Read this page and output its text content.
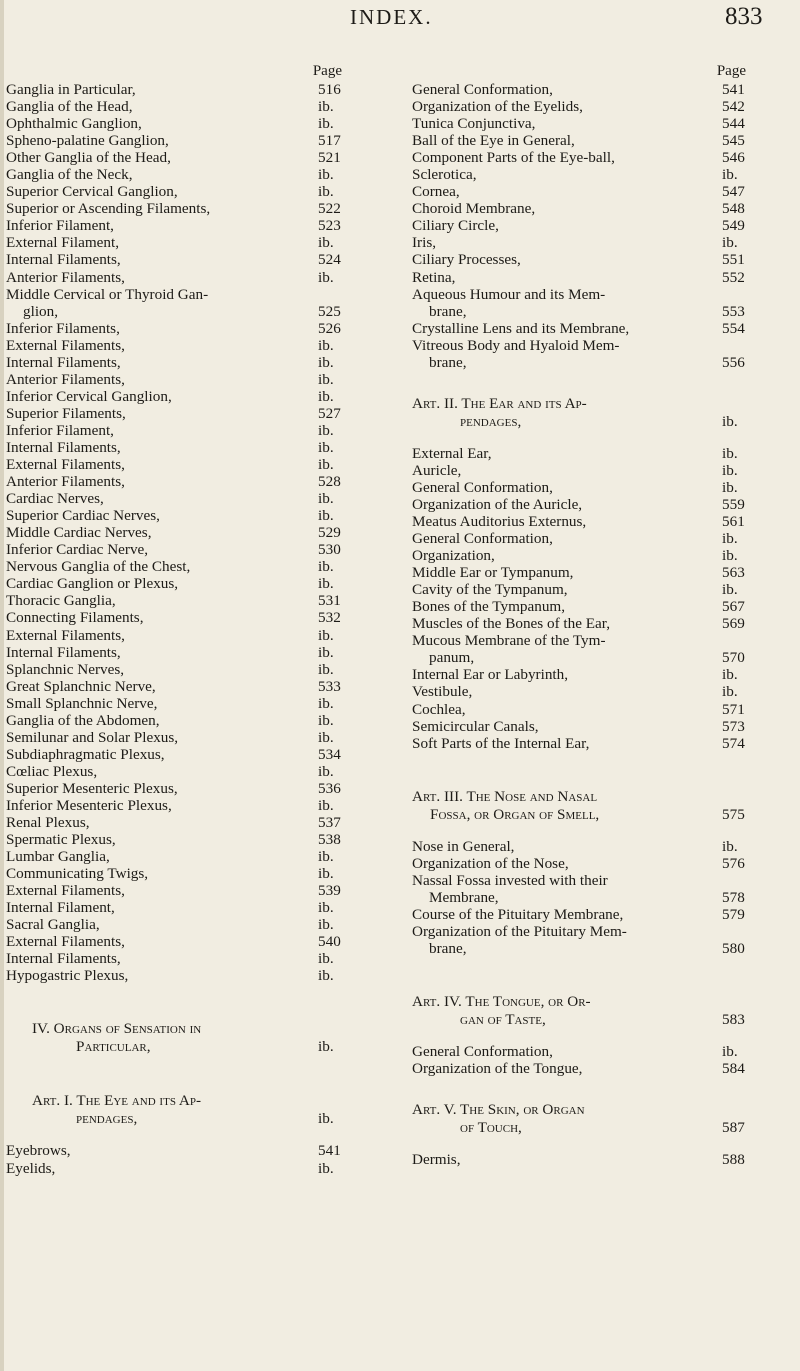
INDEX.	833
Page
Ganglia in Particular,	516
Ganglia of the Head,	ib.
Ophthalmic Ganglion,	ib.
Spheno-palatine Ganglion,	517
Other Ganglia of the Head,	521
Ganglia of the Neck,	ib.
Superior Cervical Ganglion,	ib.
Superior or Ascending Filaments,	522
Inferior Filament,	523
External Filament,	ib.
Internal Filaments,	524
Anterior Filaments,	ib.
Middle Cervical or Thyroid Gan-
glion,	525
Inferior Filaments,	526
External Filaments,	ib.
Internal Filaments,	ib.
Anterior Filaments,	ib.
Inferior Cervical Ganglion,	ib.
Superior Filaments,	527
Inferior Filament,	ib.
Internal Filaments,	ib.
External Filaments,	ib.
Anterior Filaments,	528
Cardiac Nerves,	ib.
Superior Cardiac Nerves,	ib.
Middle Cardiac Nerves,	529
Inferior Cardiac Nerve,	530
Nervous Ganglia of the Chest,	ib.
Cardiac Ganglion or Plexus,	ib.
Thoracic Ganglia,	531
Connecting Filaments,	532
External Filaments,	ib.
Internal Filaments,	ib.
Splanchnic Nerves,	ib.
Great Splanchnic Nerve,	533
Small Splanchnic Nerve,	ib.
Ganglia of the Abdomen,	ib.
Semilunar and Solar Plexus,	ib.
Subdiaphragmatic Plexus,	534
Cœliac Plexus,	ib.
Superior Mesenteric Plexus,	536
Inferior Mesenteric Plexus,	ib.
Renal Plexus,	537
Spermatic Plexus,	538
Lumbar Ganglia,	ib.
Communicating Twigs,	ib.
External Filaments,	539
Internal Filament,	ib.
Sacral Ganglia,	ib.
External Filaments,	540
Internal Filaments,	ib.
Hypogastric Plexus,	ib.
IV. Organs of Sensation in
Particular,	ib.
Art. I. The Eye and its Ap-
pendages,	ib.
Eyebrows,	541
Eyelids,	ib.
Page
General Conformation,	541
Organization of the Eyelids,	542
Tunica Conjunctiva,	544
Ball of the Eye in General,	545
Component Parts of the Eye-ball,	546
Sclerotica,	ib.
Cornea,	547
Choroid Membrane,	548
Ciliary Circle,	549
Iris,	ib.
Ciliary Processes,	551
Retina,	552
Aqueous Humour and its Mem-
brane,	553
Crystalline Lens and its Membrane,	554
Vitreous Body and Hyaloid Mem-
brane,	556
Art. II. The Ear and its Ap-
pendages,	ib.
External Ear,	ib.
Auricle,	ib.
General Conformation,	ib.
Organization of the Auricle,	559
Meatus Auditorius Externus,	561
General Conformation,	ib.
Organization,	ib.
Middle Ear or Tympanum,	563
Cavity of the Tympanum,	ib.
Bones of the Tympanum,	567
Muscles of the Bones of the Ear,	569
Mucous Membrane of the Tym-
panum,	570
Internal Ear or Labyrinth,	ib.
Vestibule,	ib.
Cochlea,	571
Semicircular Canals,	573
Soft Parts of the Internal Ear,	574
Art. III. The Nose and Nasal
Fossa, or Organ of Smell,	575
Nose in General,	ib.
Organization of the Nose,	576
Nassal Fossa invested with their
Membrane,	578
Course of the Pituitary Membrane,	579
Organization of the Pituitary Mem-
brane,	580
Art. IV. The Tongue, or Or-
gan of Taste,	583
General Conformation,	ib.
Organization of the Tongue,	584
Art. V. The Skin, or Organ
of Touch,	587
Dermis,	588
